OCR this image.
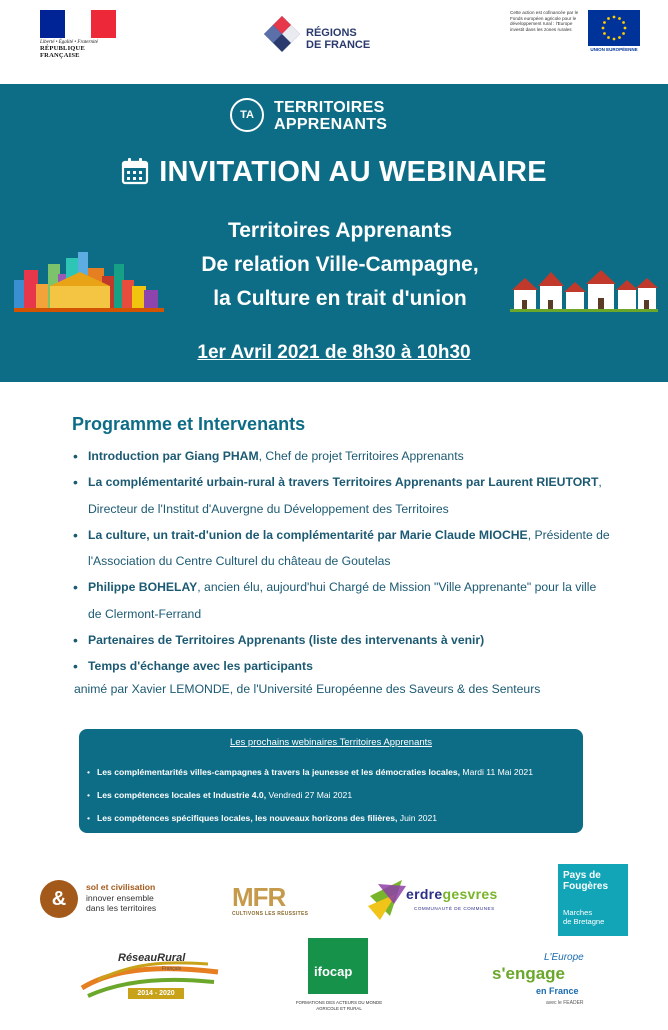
Liberté • Égalité • Fraternité
RÉPUBLIQUE FRANÇAISE
RÉGIONS DE FRANCE
Cette action est cofinancée par le Fonds européen agricole pour le développement rural : l'Europe investit dans les zones rurales
UNION EUROPÉENNE
TA	TERRITOIRES
APPRENANTS
INVITATION AU WEBINAIRE
Territoires Apprenants
De relation Ville-Campagne,
la Culture en trait d'union
1er Avril 2021 de 8h30 à 10h30
Programme et Intervenants
• Introduction par Giang PHAM, Chef de projet Territoires Apprenants
• La complémentarité urbain-rural à travers Territoires Apprenants par Laurent RIEUTORT, Directeur de l'Institut d'Auvergne du Développement des Territoires
• La culture, un trait-d'union de la complémentarité par Marie Claude MIOCHE, Présidente de l'Association du Centre Culturel du château de Goutelas
• Philippe BOHELAY, ancien élu, aujourd'hui Chargé de Mission "Ville Apprenante" pour la ville de Clermont-Ferrand
• Partenaires de Territoires Apprenants (liste des intervenants à venir)
• Temps d'échange avec les participants
animé par Xavier LEMONDE, de l'Université Européenne des Saveurs & des Senteurs
Les prochains webinaires Territoires Apprenants
• Les complémentarités villes-campagnes à travers la jeunesse et les démocraties locales, Mardi 11 Mai 2021
• Les compétences locales et Industrie 4.0, Vendredi 27 Mai 2021
• Les compétences spécifiques locales, les nouveaux horizons des filières, Juin 2021
&
sol et civilisation
innover ensemble
dans les territoires	MFR
CULTIVONS LES RÉUSSITES
erdregesvres
COMMUNAUTÉ DE COMMUNES
Pays de
Fougères
Marches
de Bretagne
RéseauRural
Français
2014 - 2020
ifocap
FORMATIONS DES ACTEURS DU MONDE AGRICOLE ET RURAL
L'Europe
s'engage
en France
avec le FEADER
